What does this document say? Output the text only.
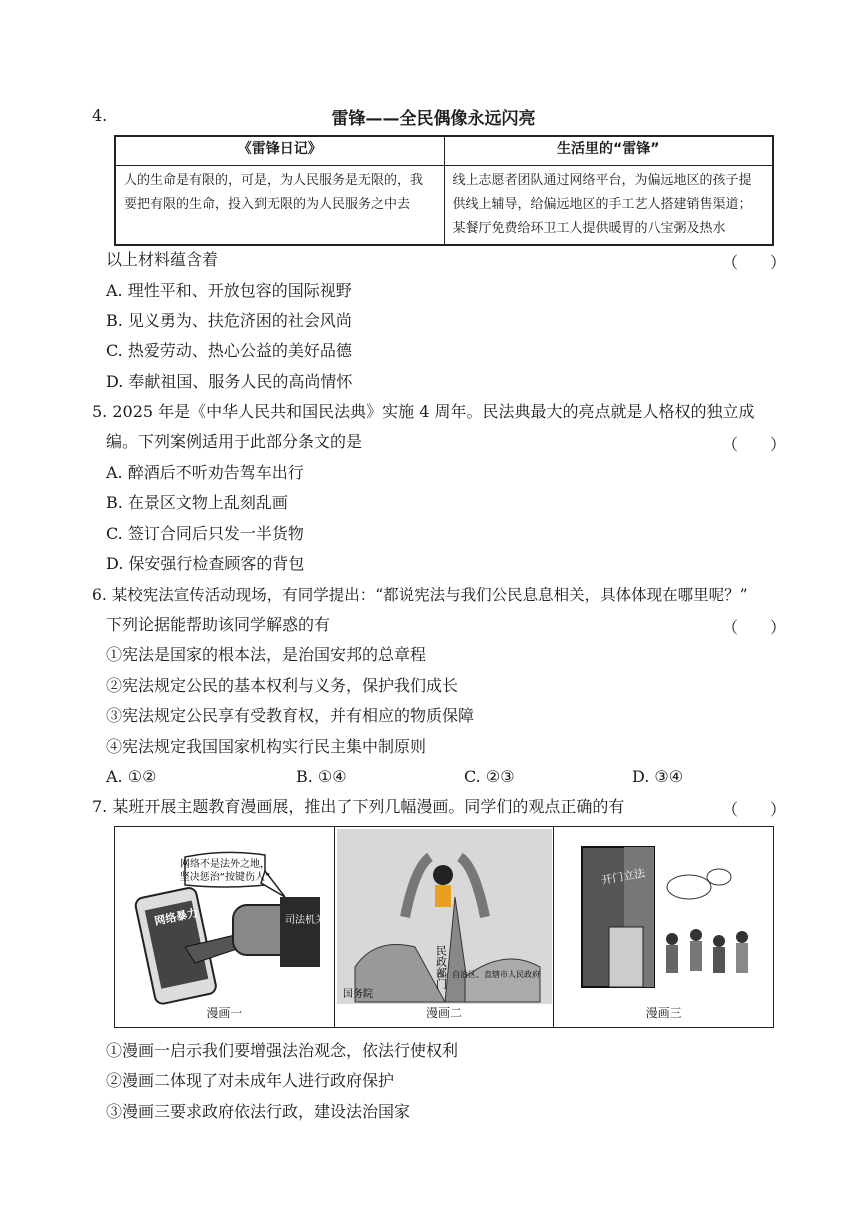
4.	雷锋——全民偶像永远闪亮
《雷锋日记》	生活里的“雷锋”
人的生命是有限的，可是，为人民服务是无限的，我要把有限的生命，投入到无限的为人民服务之中去	线上志愿者团队通过网络平台，为偏远地区的孩子提供线上辅导，给偏远地区的手工艺人搭建销售渠道；某餐厅免费给环卫工人提供暖胃的八宝粥及热水
以上材料蕴含着	（　　）
A. 理性平和、开放包容的国际视野
B. 见义勇为、扶危济困的社会风尚
C. 热爱劳动、热心公益的美好品德
D. 奉献祖国、服务人民的高尚情怀
5. 2025 年是《中华人民共和国民法典》实施 4 周年。民法典最大的亮点就是人格权的独立成
编。下列案例适用于此部分条文的是	（　　）
A. 醉酒后不听劝告驾车出行
B. 在景区文物上乱刻乱画
C. 签订合同后只发一半货物
D. 保安强行检查顾客的背包
6. 某校宪法宣传活动现场，有同学提出：“都说宪法与我们公民息息相关，具体体现在哪里呢？”
下列论据能帮助该同学解惑的有	（　　）
①宪法是国家的根本法，是治国安邦的总章程
②宪法规定公民的基本权利与义务，保护我们成长
③宪法规定公民享有受教育权，并有相应的物质保障
④宪法规定我国国家机构实行民主集中制原则
A. ①②	B. ①④	C. ②③	D. ③④
7. 某班开展主题教育漫画展，推出了下列几幅漫画。同学们的观点正确的有	（　　）
网络不是法外之地，
坚决惩治“按键伤人”
网络暴力	司法机关
漫画一
国务院
民政部门
省、自治区、直辖市人民政府
漫画二
开门立法
漫画三
①漫画一启示我们要增强法治观念，依法行使权利
②漫画二体现了对未成年人进行政府保护
③漫画三要求政府依法行政，建设法治国家
